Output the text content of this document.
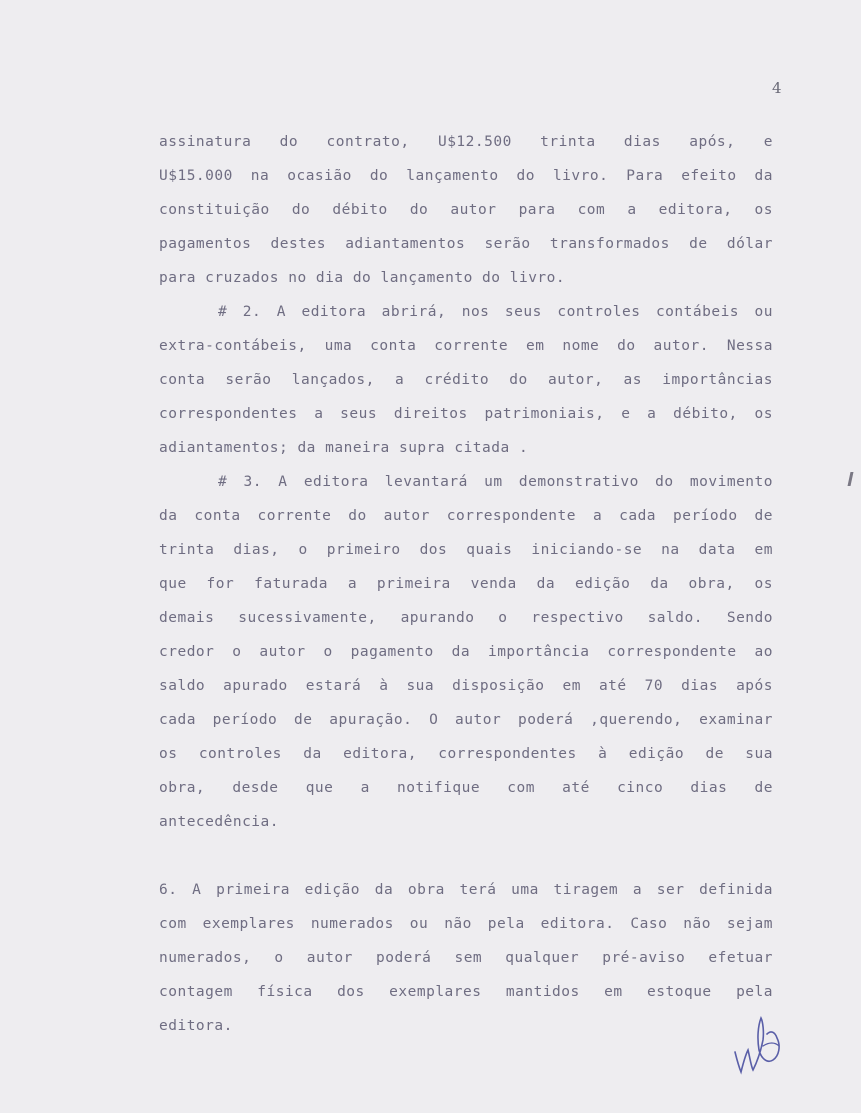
4
assinatura do contrato, U$12.500 trinta dias após, e
U$15.000 na ocasião do lançamento do livro. Para efeito da
constituição do débito do autor para com a editora, os
pagamentos destes adiantamentos serão transformados de dólar
para cruzados no dia do lançamento do livro.
# 2. A editora abrirá, nos seus controles contábeis ou
extra-contábeis, uma conta corrente em nome do autor. Nessa
conta serão lançados, a crédito do autor, as importâncias
correspondentes a seus direitos patrimoniais, e a débito, os
adiantamentos; da maneira supra citada .
# 3. A editora levantará um demonstrativo do movimento
da conta corrente do autor correspondente a cada período de
trinta dias, o primeiro dos quais iniciando-se na data em
que for faturada a primeira venda da edição da obra, os
demais sucessivamente, apurando o respectivo saldo. Sendo
credor o autor o pagamento da importância correspondente ao
saldo apurado estará à sua disposição em até 70 dias após
cada período de apuração. O autor poderá ,querendo, examinar
os controles da editora, correspondentes à edição de sua
obra, desde que a notifique com até cinco dias de
antecedência.
6. A primeira edição da obra terá uma tiragem a ser definida
com exemplares numerados ou não pela editora. Caso não sejam
numerados, o autor poderá sem qualquer pré-aviso efetuar
contagem física dos exemplares mantidos em estoque pela
editora.
